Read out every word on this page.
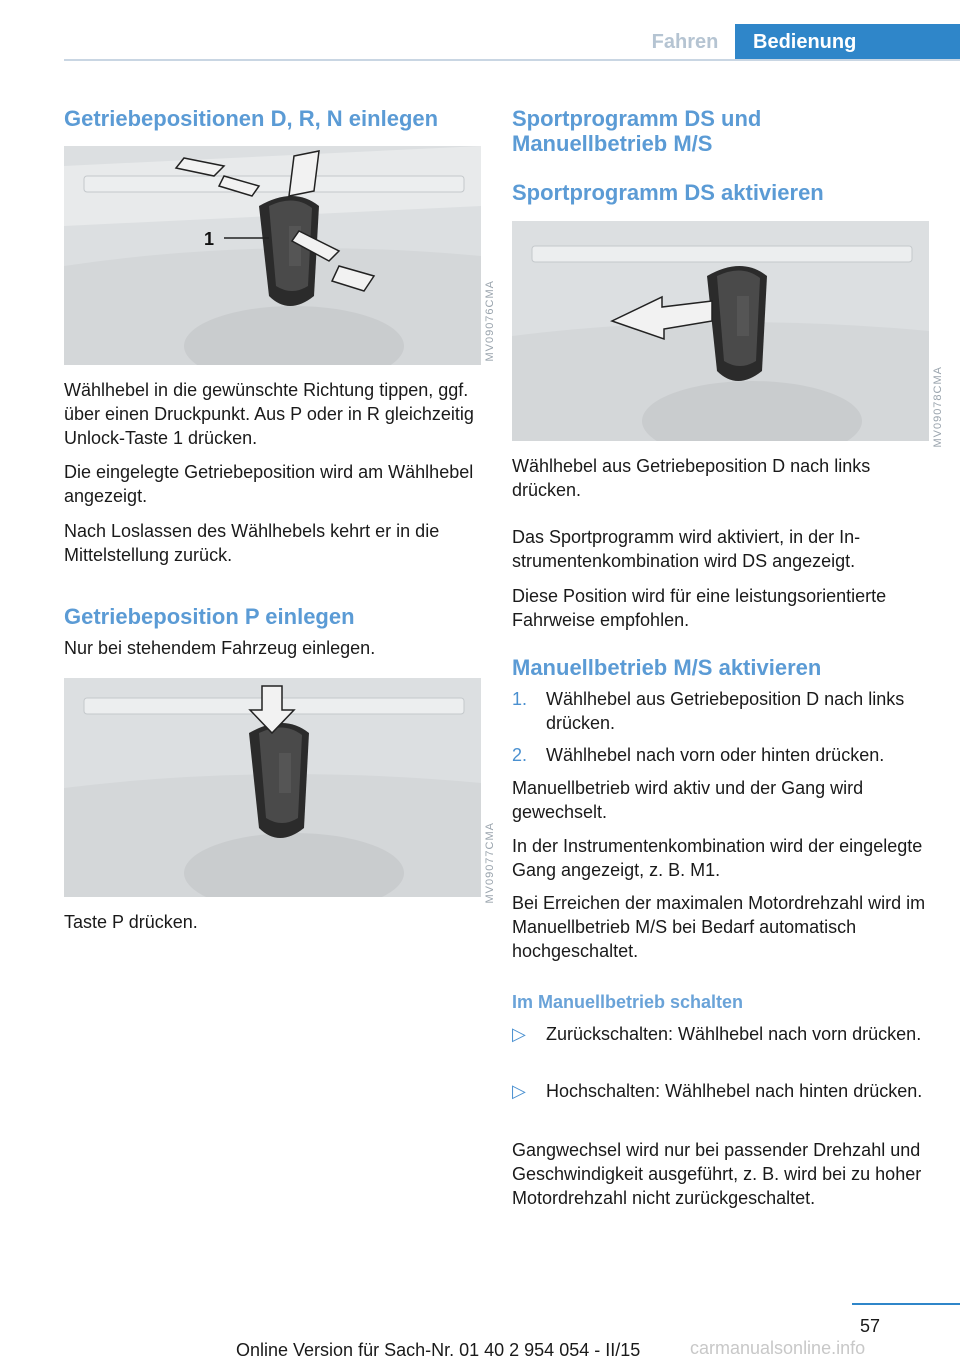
Fahren	Bedienung
Getriebepositionen D, R, N einlegen
1
MV09076CMA

Wählhebel in die gewünschte Richtung tippen, ggf. über einen Druckpunkt. Aus P oder in R gleichzeitig Unlock-Taste 1 drücken.

Die eingelegte Getriebeposition wird am Wählhebel angezeigt.

Nach Loslassen des Wählhebels kehrt er in die Mittelstellung zurück.

Getriebeposition P einlegen

Nur bei stehendem Fahrzeug einlegen.

MV09077CMA

Taste P drücken.

Sportprogramm DS und Manuellbetrieb M/S
Sportprogramm DS aktivieren
MV09078CMA

Wählhebel aus Getriebeposition D nach links drücken.

Das Sportprogramm wird aktiviert, in der Instrumentenkombination wird DS angezeigt.

Diese Position wird für eine leistungsorientierte Fahrweise empfohlen.

Manuellbetrieb M/S aktivieren
1. Wählhebel aus Getriebeposition D nach links drücken.
2. Wählhebel nach vorn oder hinten drücken.

Manuellbetrieb wird aktiv und der Gang wird gewechselt.

In der Instrumentenkombination wird der eingelegte Gang angezeigt, z. B. M1.

Bei Erreichen der maximalen Motordrehzahl wird im Manuellbetrieb M/S bei Bedarf automatisch hochgeschaltet.

Im Manuellbetrieb schalten
▷ Zurückschalten: Wählhebel nach vorn drücken.
▷ Hochschalten: Wählhebel nach hinten drücken.

Gangwechsel wird nur bei passender Drehzahl und Geschwindigkeit ausgeführt, z. B. wird bei zu hoher Motordrehzahl nicht zurückgeschaltet.

57
Online Version für Sach-Nr. 01 40 2 954 054 - II/15	carmanualsonline.info
